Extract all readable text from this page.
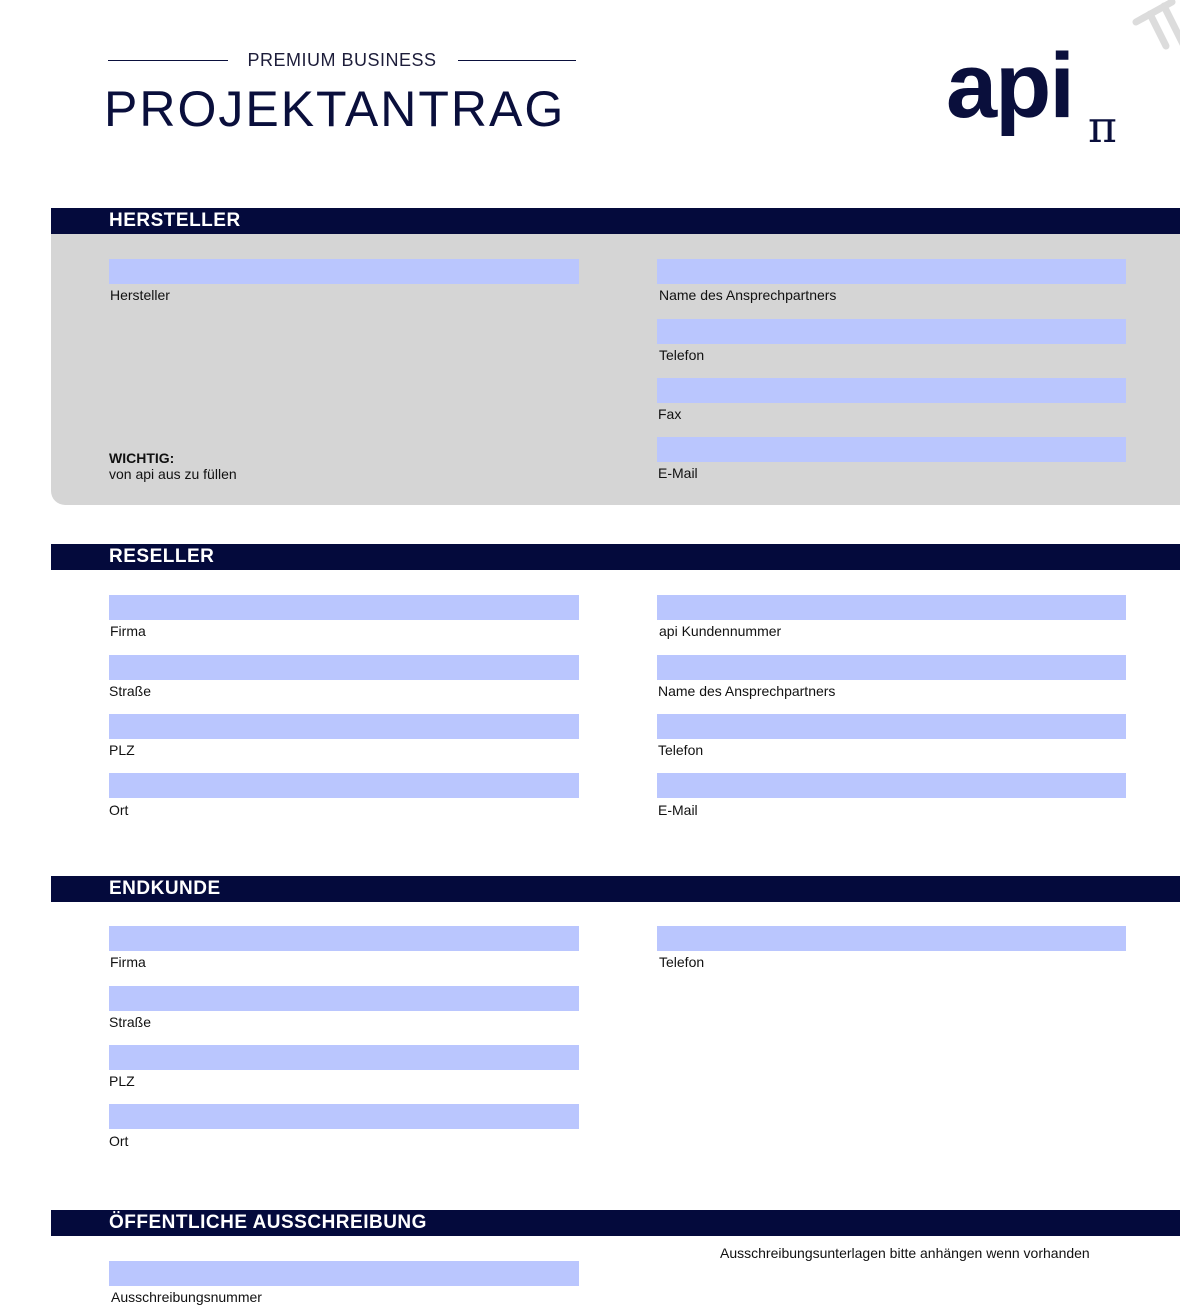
PREMIUM BUSINESS
PROJEKTANTRAG	api π
HERSTELLER
Hersteller	Name des Ansprechpartners
Telefon
Fax
E-Mail
WICHTIG:
von api aus zu füllen
RESELLER
Firma
Straße
PLZ
Ort
api Kundennummer
Name des Ansprechpartners
Telefon
E-Mail
ENDKUNDE
Firma
Straße
PLZ
Ort
Telefon
ÖFFENTLICHE AUSSCHREIBUNG
Ausschreibungsunterlagen bitte anhängen wenn vorhanden
Ausschreibungsnummer
